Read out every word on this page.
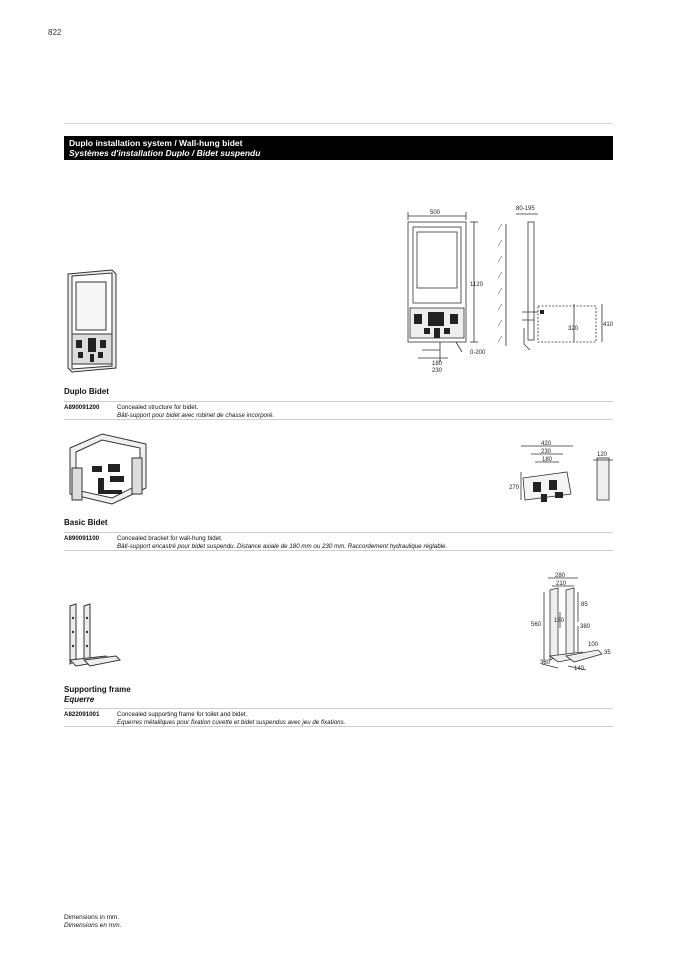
822
Duplo installation system / Wall-hung bidet
Systèmes d'installation Duplo / Bidet suspendu
500
80-195
1120
410
320
0-200
180
230
Duplo Bidet
A890091200	Concealed structure for bidet.
Bâti-support pour bidet avec robinet de chasse incorporé.
420
230
180
270
120
Basic Bidet
A890091100	Concealed bracket for wall-hung bidet.
Bâti-support encastré pour bidet suspendu. Distance axiale de 180 mm ou 230 mm. Raccordement hydraulique réglable.
280
210
560
180
85
380
100
35
380
140
Supporting frame
Equerre
A822091001	Concealed supporting frame for toilet and bidet.
Equerres métalliques pour fixation cuvette et bidet suspendus avec jeu de fixations.
Dimensions in mm.
Dimensions en mm.
